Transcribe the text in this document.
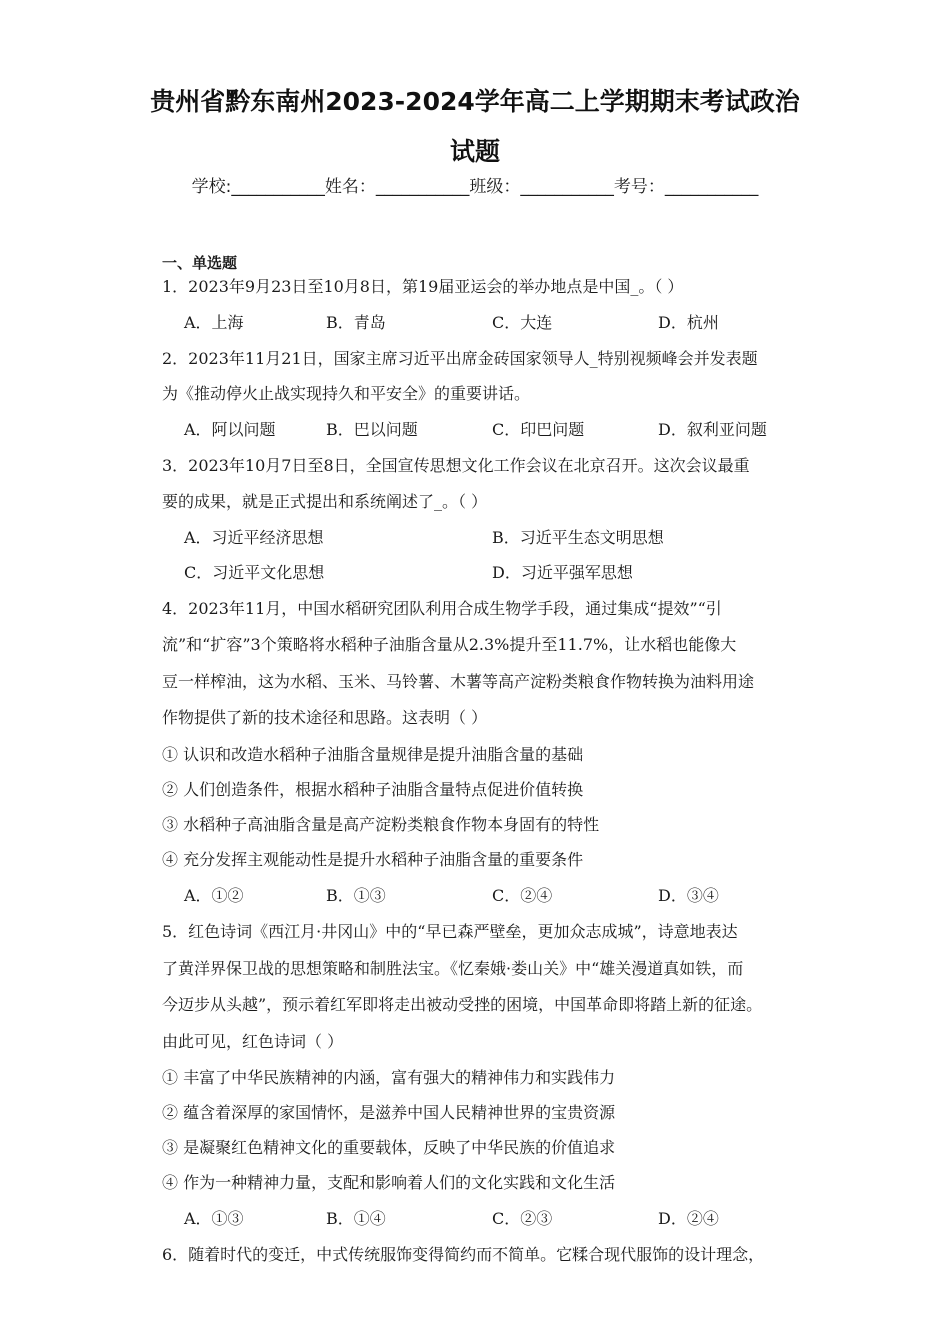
贵州省黔东南州2023-2024学年高二上学期期末考试政治
试题
学校:___________姓名：___________班级：___________考号：___________
一、单选题
1．2023年9月23日至10月8日，第19届亚运会的举办地点是中国_。（ ）
A．上海	B．青岛	C．大连	D．杭州
2．2023年11月21日，国家主席习近平出席金砖国家领导人_特别视频峰会并发表题
为《推动停火止战实现持久和平安全》的重要讲话。
A．阿以问题	B．巴以问题	C．印巴问题	D．叙利亚问题
3．2023年10月7日至8日，全国宣传思想文化工作会议在北京召开。这次会议最重
要的成果，就是正式提出和系统阐述了_。（ ）
A．习近平经济思想	B．习近平生态文明思想
C．习近平文化思想	D．习近平强军思想
4．2023年11月，中国水稻研究团队利用合成生物学手段，通过集成“提效”“引
流”和“扩容”3个策略将水稻种子油脂含量从2.3%提升至11.7%，让水稻也能像大
豆一样榨油，这为水稻、玉米、马铃薯、木薯等高产淀粉类粮食作物转换为油料用途
作物提供了新的技术途径和思路。这表明（ ）
① 认识和改造水稻种子油脂含量规律是提升油脂含量的基础
② 人们创造条件，根据水稻种子油脂含量特点促进价值转换
③ 水稻种子高油脂含量是高产淀粉类粮食作物本身固有的特性
④ 充分发挥主观能动性是提升水稻种子油脂含量的重要条件
A．①②	B．①③	C．②④	D．③④
5．红色诗词《西江月·井冈山》中的“早已森严壁垒，更加众志成城”，诗意地表达
了黄洋界保卫战的思想策略和制胜法宝。《忆秦娥·娄山关》中“雄关漫道真如铁，而
今迈步从头越”，预示着红军即将走出被动受挫的困境，中国革命即将踏上新的征途。
由此可见，红色诗词（ ）
① 丰富了中华民族精神的内涵，富有强大的精神伟力和实践伟力
② 蕴含着深厚的家国情怀，是滋养中国人民精神世界的宝贵资源
③ 是凝聚红色精神文化的重要载体，反映了中华民族的价值追求
④ 作为一种精神力量，支配和影响着人们的文化实践和文化生活
A．①③	B．①④	C．②③	D．②④
6．随着时代的变迁，中式传统服饰变得简约而不简单。它糅合现代服饰的设计理念，
